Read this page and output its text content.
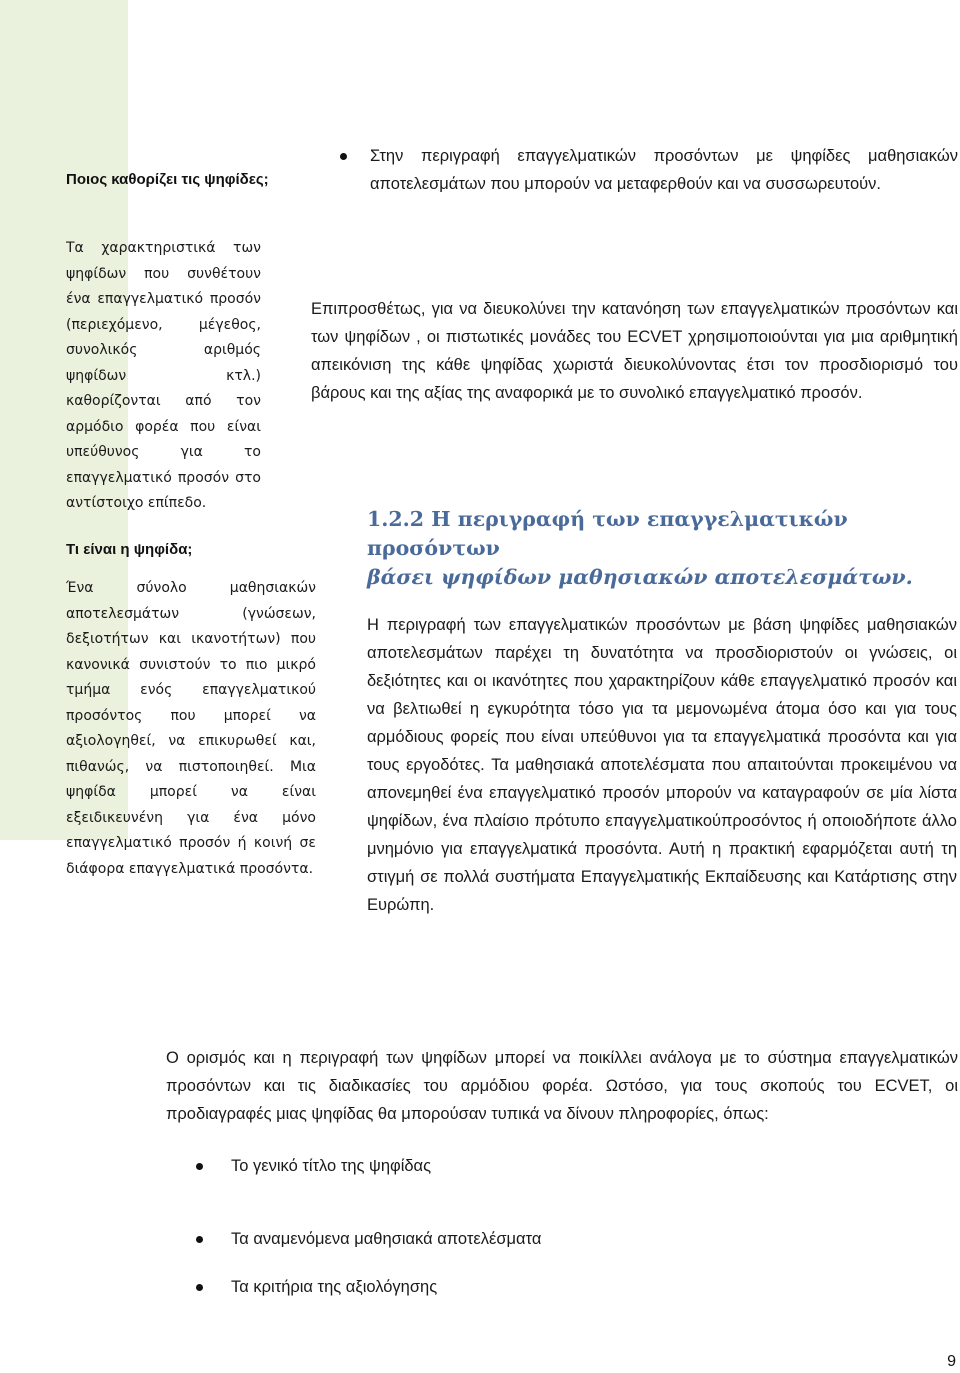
Ποιος καθορίζει τις ψηφίδες;

Τα χαρακτηριστικά των ψηφίδων που συνθέτουν ένα επαγγελματικό προσόν (περιεχόμενο, μέγεθος, συνολικός αριθμός ψηφίδων κτλ.) καθορίζονται από τον αρμόδιο φορέα που είναι υπεύθυνος για το επαγγελματικό προσόν στο αντίστοιχο επίπεδο.

Τι είναι η ψηφίδα;

Ένα σύνολο μαθησιακών αποτελεσμάτων (γνώσεων, δεξιοτήτων και ικανοτήτων) που κανονικά συνιστούν το πιο μικρό τμήμα ενός επαγγελματικού προσόντος που μπορεί να αξιολογηθεί, να επικυρωθεί και, πιθανώς, να πιστοποιηθεί. Μια ψηφίδα μπορεί να είναι εξειδικευνένη για ένα μόνο επαγγελματικό προσόν ή κοινή σε διάφορα επαγγελματικά προσόντα.

Στην περιγραφή επαγγελματικών προσόντων με ψηφίδες μαθησιακών αποτελεσμάτων που μπορούν να μεταφερθούν και να συσσωρευτούν.

Επιπροσθέτως, για να διευκολύνει την κατανόηση των επαγγελματικών προσόντων και των ψηφίδων , οι πιστωτικές μονάδες του ECVET χρησιμοποιούνται για μια αριθμητική απεικόνιση της κάθε ψηφίδας χωριστά διευκολύνοντας έτσι τον προσδιορισμό του βάρους και της αξίας της αναφορικά με το συνολικό επαγγελματικό προσόν.

1.2.2 Η περιγραφή των επαγγελματικών προσόντων
βάσει ψηφίδων μαθησιακών αποτελεσμάτων.

Η περιγραφή των επαγγελματικών προσόντων με βάση ψηφίδες μαθησιακών αποτελεσμάτων παρέχει τη δυνατότητα να προσδιοριστούν οι γνώσεις, οι δεξιότητες και οι ικανότητες που χαρακτηρίζουν κάθε επαγγελματικό προσόν και να βελτιωθεί η εγκυρότητα τόσο για τα μεμονωμένα άτομα όσο και για τους αρμόδιους φορείς που είναι υπεύθυνοι για τα επαγγελματικά προσόντα και για τους εργοδότες. Τα μαθησιακά αποτελέσματα που απαιτούνται προκειμένου να απονεμηθεί ένα επαγγελματικό προσόν μπορούν να καταγραφούν σε μία λίστα ψηφίδων, ένα πλαίσιο πρότυπο επαγγελματικούπροσόντος ή οποιοδήποτε άλλο μνημόνιο για επαγγελματικά προσόντα. Αυτή η πρακτική εφαρμόζεται αυτή τη στιγμή σε πολλά συστήματα Επαγγελματικής Εκπαίδευσης και Κατάρτισης στην Ευρώπη.

Ο ορισμός και η περιγραφή των ψηφίδων μπορεί να ποικίλλει ανάλογα με το σύστημα επαγγελματικών προσόντων και τις διαδικασίες του αρμόδιου φορέα. Ωστόσο, για τους σκοπούς του ECVET, οι προδιαγραφές μιας ψηφίδας θα μπορούσαν τυπικά να δίνουν πληροφορίες, όπως:

Το γενικό τίτλο της ψηφίδας
Τα αναμενόμενα μαθησιακά αποτελέσματα
Τα κριτήρια της αξιολόγησης
9
